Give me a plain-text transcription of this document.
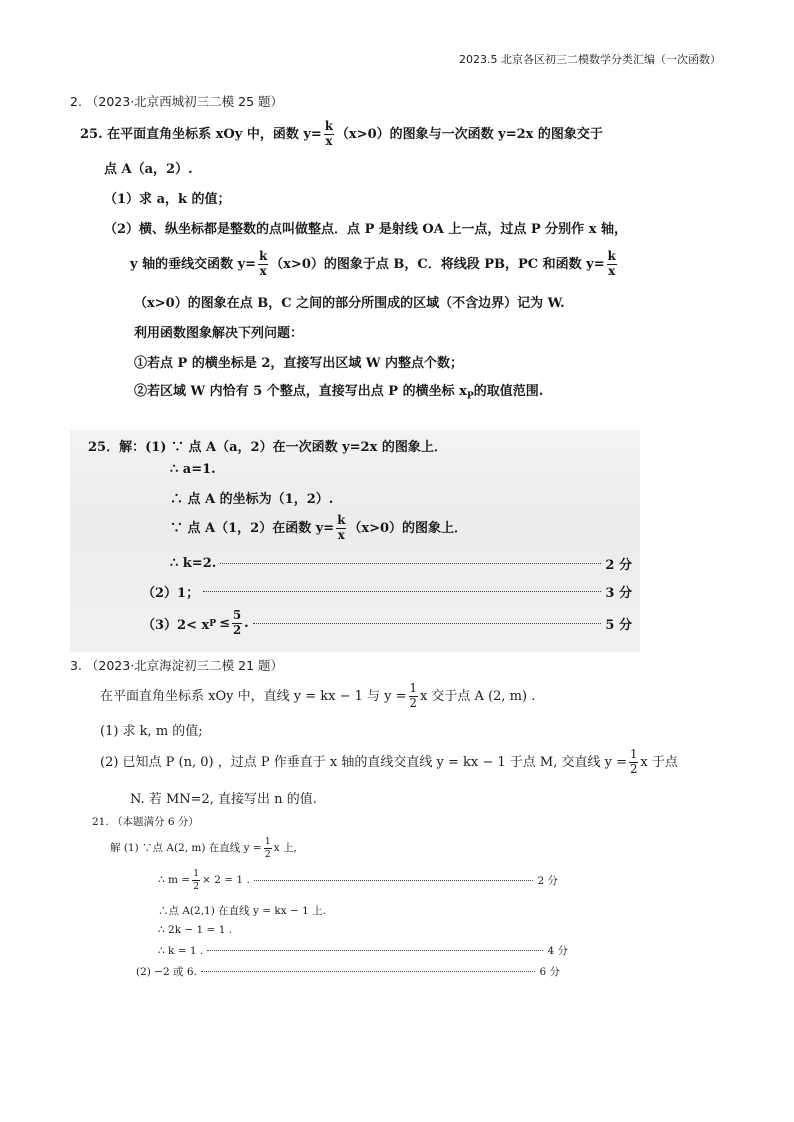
2023.5 北京各区初三二模数学分类汇编（一次函数）
2. （2023·北京西城初三二模 25 题）
25. 在平面直角坐标系 xOy 中，函数 $y= \frac{k}{x} (x>0)$的图象与一次函数 y=2x 的图象交于
点 A（a，2）.
（1）求 a，k 的值；
（2）横、纵坐标都是整数的点叫做整点．点 P 是射线 OA 上一点，过点 P 分别作 x 轴，
y 轴的垂线交函数 $y= \frac{k}{x} (x>0)$的图象于点 B，C．将线段 PB，PC 和函数 $y= \frac{k}{x}$
（x>0）的图象在点 B，C 之间的部分所围成的区域（不含边界）记为 W.
利用函数图象解决下列问题：
①若点 P 的横坐标是 2，直接写出区域 W 内整点个数；
②若区域 W 内恰有 5 个整点，直接写出点 P 的横坐标 $x_P$的取值范围.
25．解：(1) ∵ 点 A（a，2）在一次函数 y=2x 的图象上．
∴ a=1.
∴ 点 A 的坐标为（1，2）.
∵ 点 A（1，2）在函数 $y= \frac{k}{x} (x>0)$的图象上．
∴ k=2.	2 分
（2）1；	3 分
（3）2< x $P \le \frac{5}{2}$ .	5 分
3. （2023·北京海淀初三二模 21 题）
在平面直角坐标系 xOy 中，直线 y = kx − 1 与 $y = \frac{1}{2}$ x 交于点 A (2, m) .
(1) 求 k, m 的值;
(2) 已知点 P (n, 0) ，过点 P 作垂直于 x 轴的直线交直线 y = kx − 1 于点 M, 交直线 $y = \frac{1}{2}$ x 于点
N. 若 MN=2, 直接写出 n 的值.
21. （本题满分 6 分）
解 (1) ∵点 A(2, m) 在直线 $y = \frac{1}{2}$ x 上,
∴ $m = \frac{1}{2} \times 2 = 1$ .	2 分
∴点 A(2,1) 在直线 y = kx − 1 上.
∴ 2k − 1 = 1 .
∴ k = 1 .	4 分
(2) −2 或 6.	6 分
